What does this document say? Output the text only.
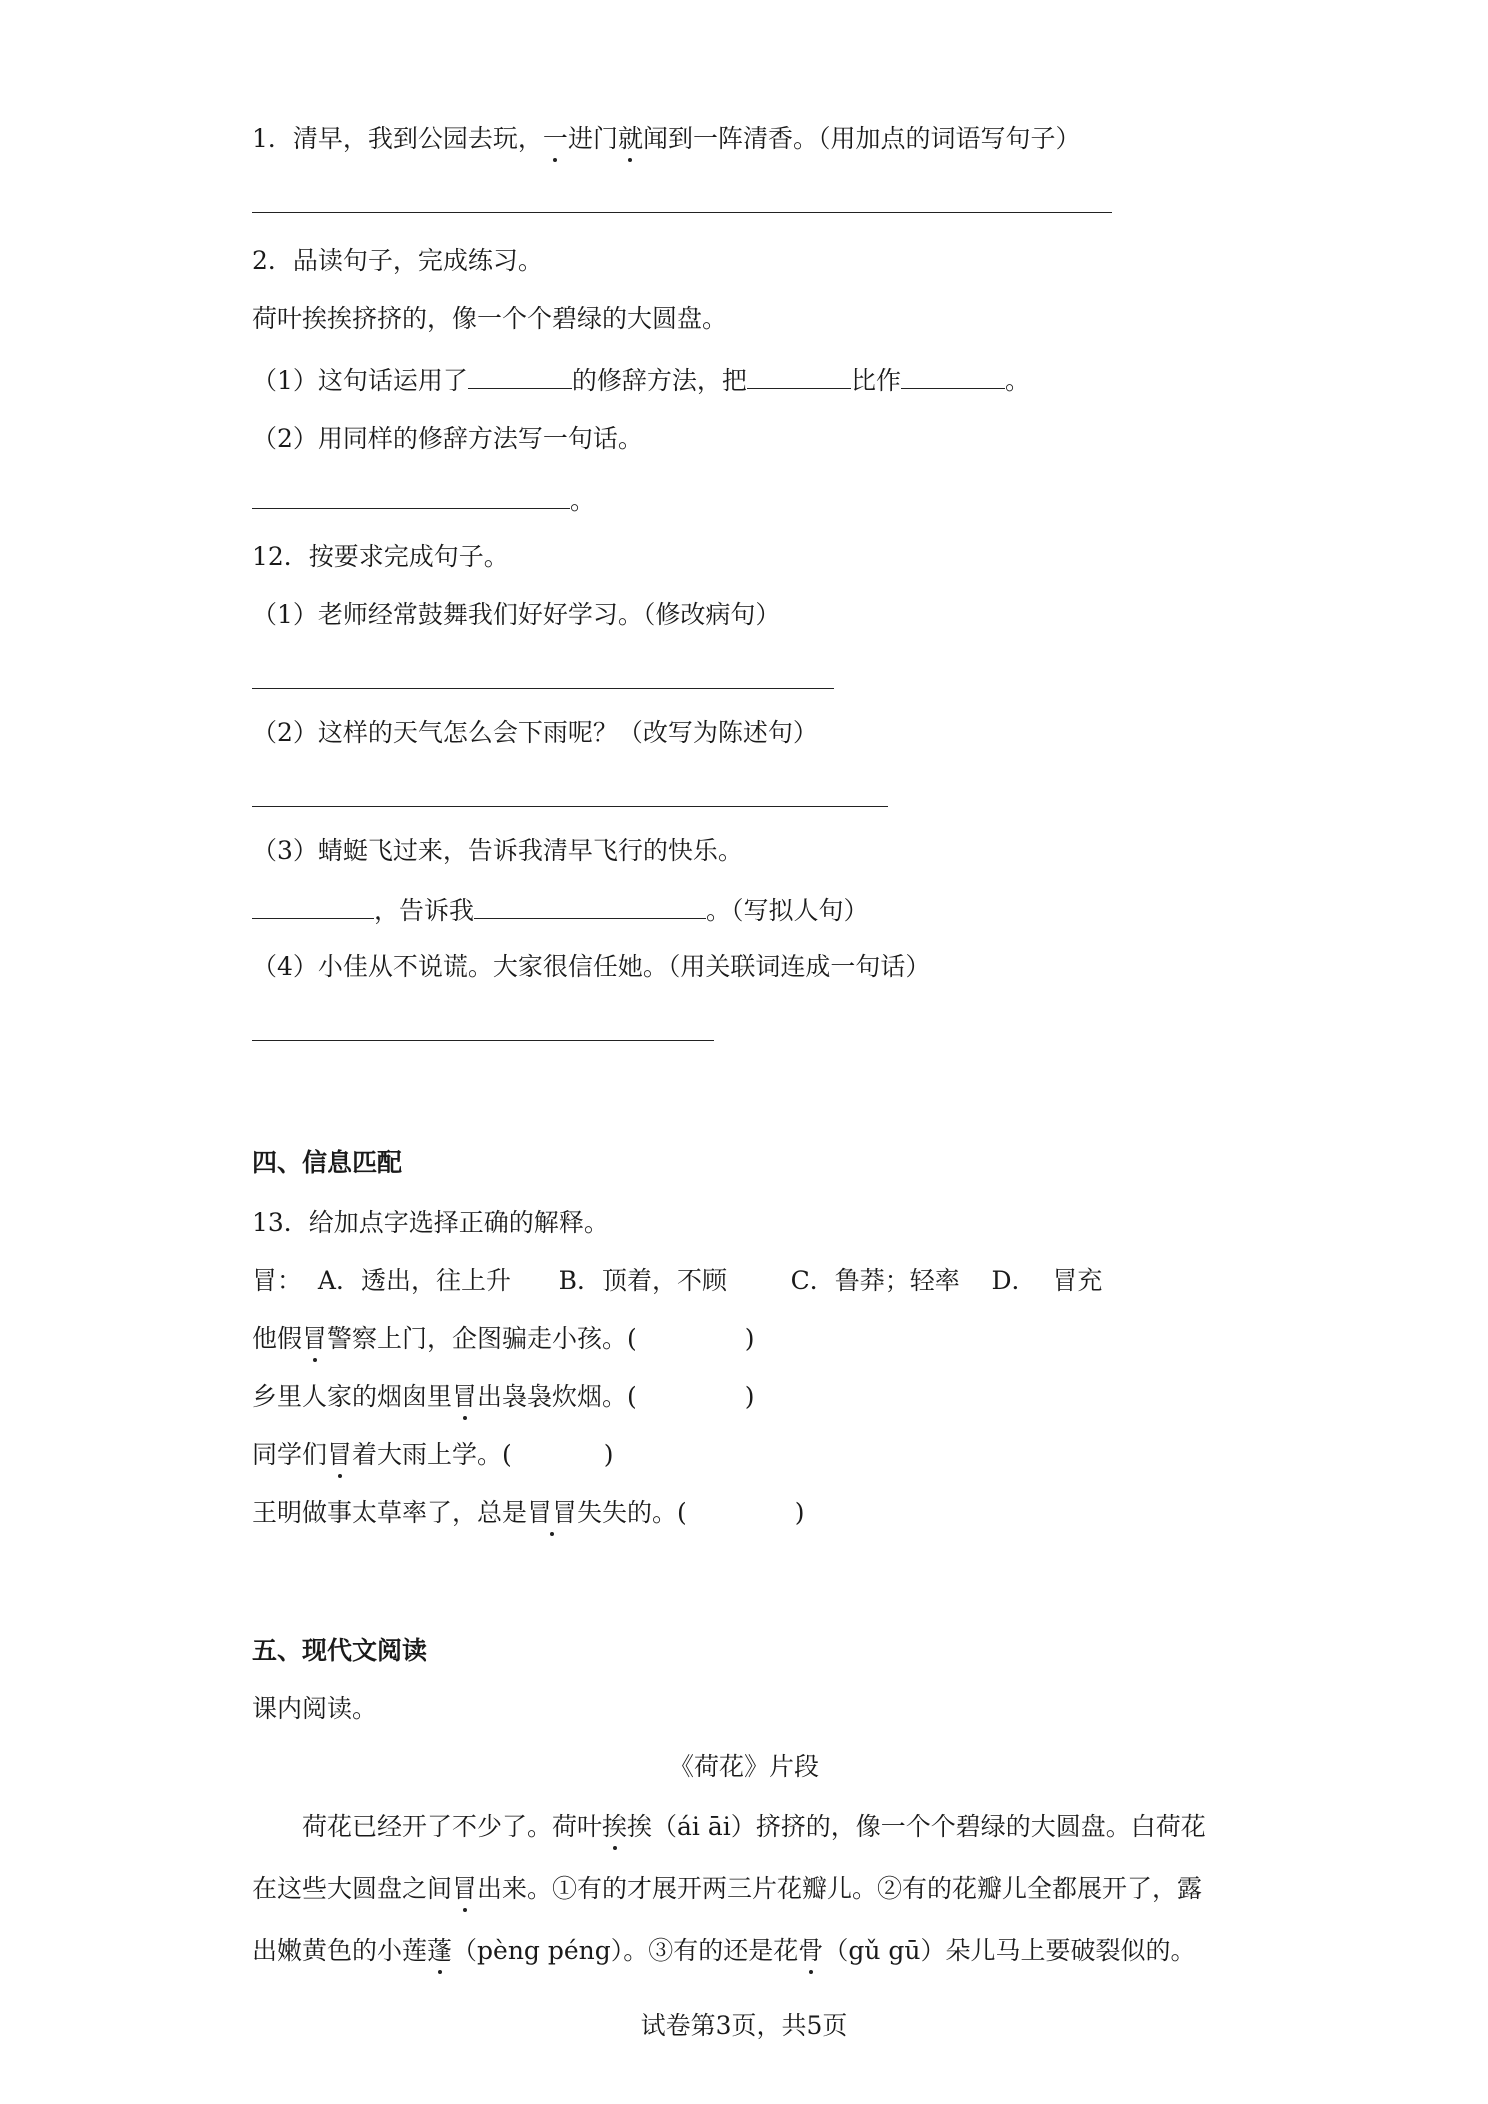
1．清早，我到公园去玩，一进门就闻到一阵清香。（用加点的词语写句子）
2．品读句子，完成练习。
荷叶挨挨挤挤的，像一个个碧绿的大圆盘。
（1）这句话运用了	的修辞方法，把	比作	。
（2）用同样的修辞方法写一句话。
。
12．按要求完成句子。
（1）老师经常鼓舞我们好好学习。（修改病句）
（2）这样的天气怎么会下雨呢？（改写为陈述句）
（3）蜻蜓飞过来，告诉我清早飞行的快乐。
，告诉我	。（写拟人句）
（4）小佳从不说谎。大家很信任她。（用关联词连成一句话）
四、信息匹配
13．给加点字选择正确的解释。
冒：  A．透出，往上升      B．顶着，不顾        C．鲁莽；轻率    D．  冒充
他假冒警察上门，企图骗走小孩。(	)
乡里人家的烟囱里冒出袅袅炊烟。(	)
同学们冒着大雨上学。(	)
王明做事太草率了，总是冒冒失失的。(	)
五、现代文阅读
课内阅读。
《荷花》片段
荷花已经开了不少了。荷叶挨挨（ái āi）挤挤的，像一个个碧绿的大圆盘。白荷花
在这些大圆盘之间冒出来。①有的才展开两三片花瓣儿。②有的花瓣儿全都展开了，露
出嫩黄色的小莲蓬（pèng péng）。③有的还是花骨（gǔ gū）朵儿马上要破裂似的。
试卷第3页，共5页
